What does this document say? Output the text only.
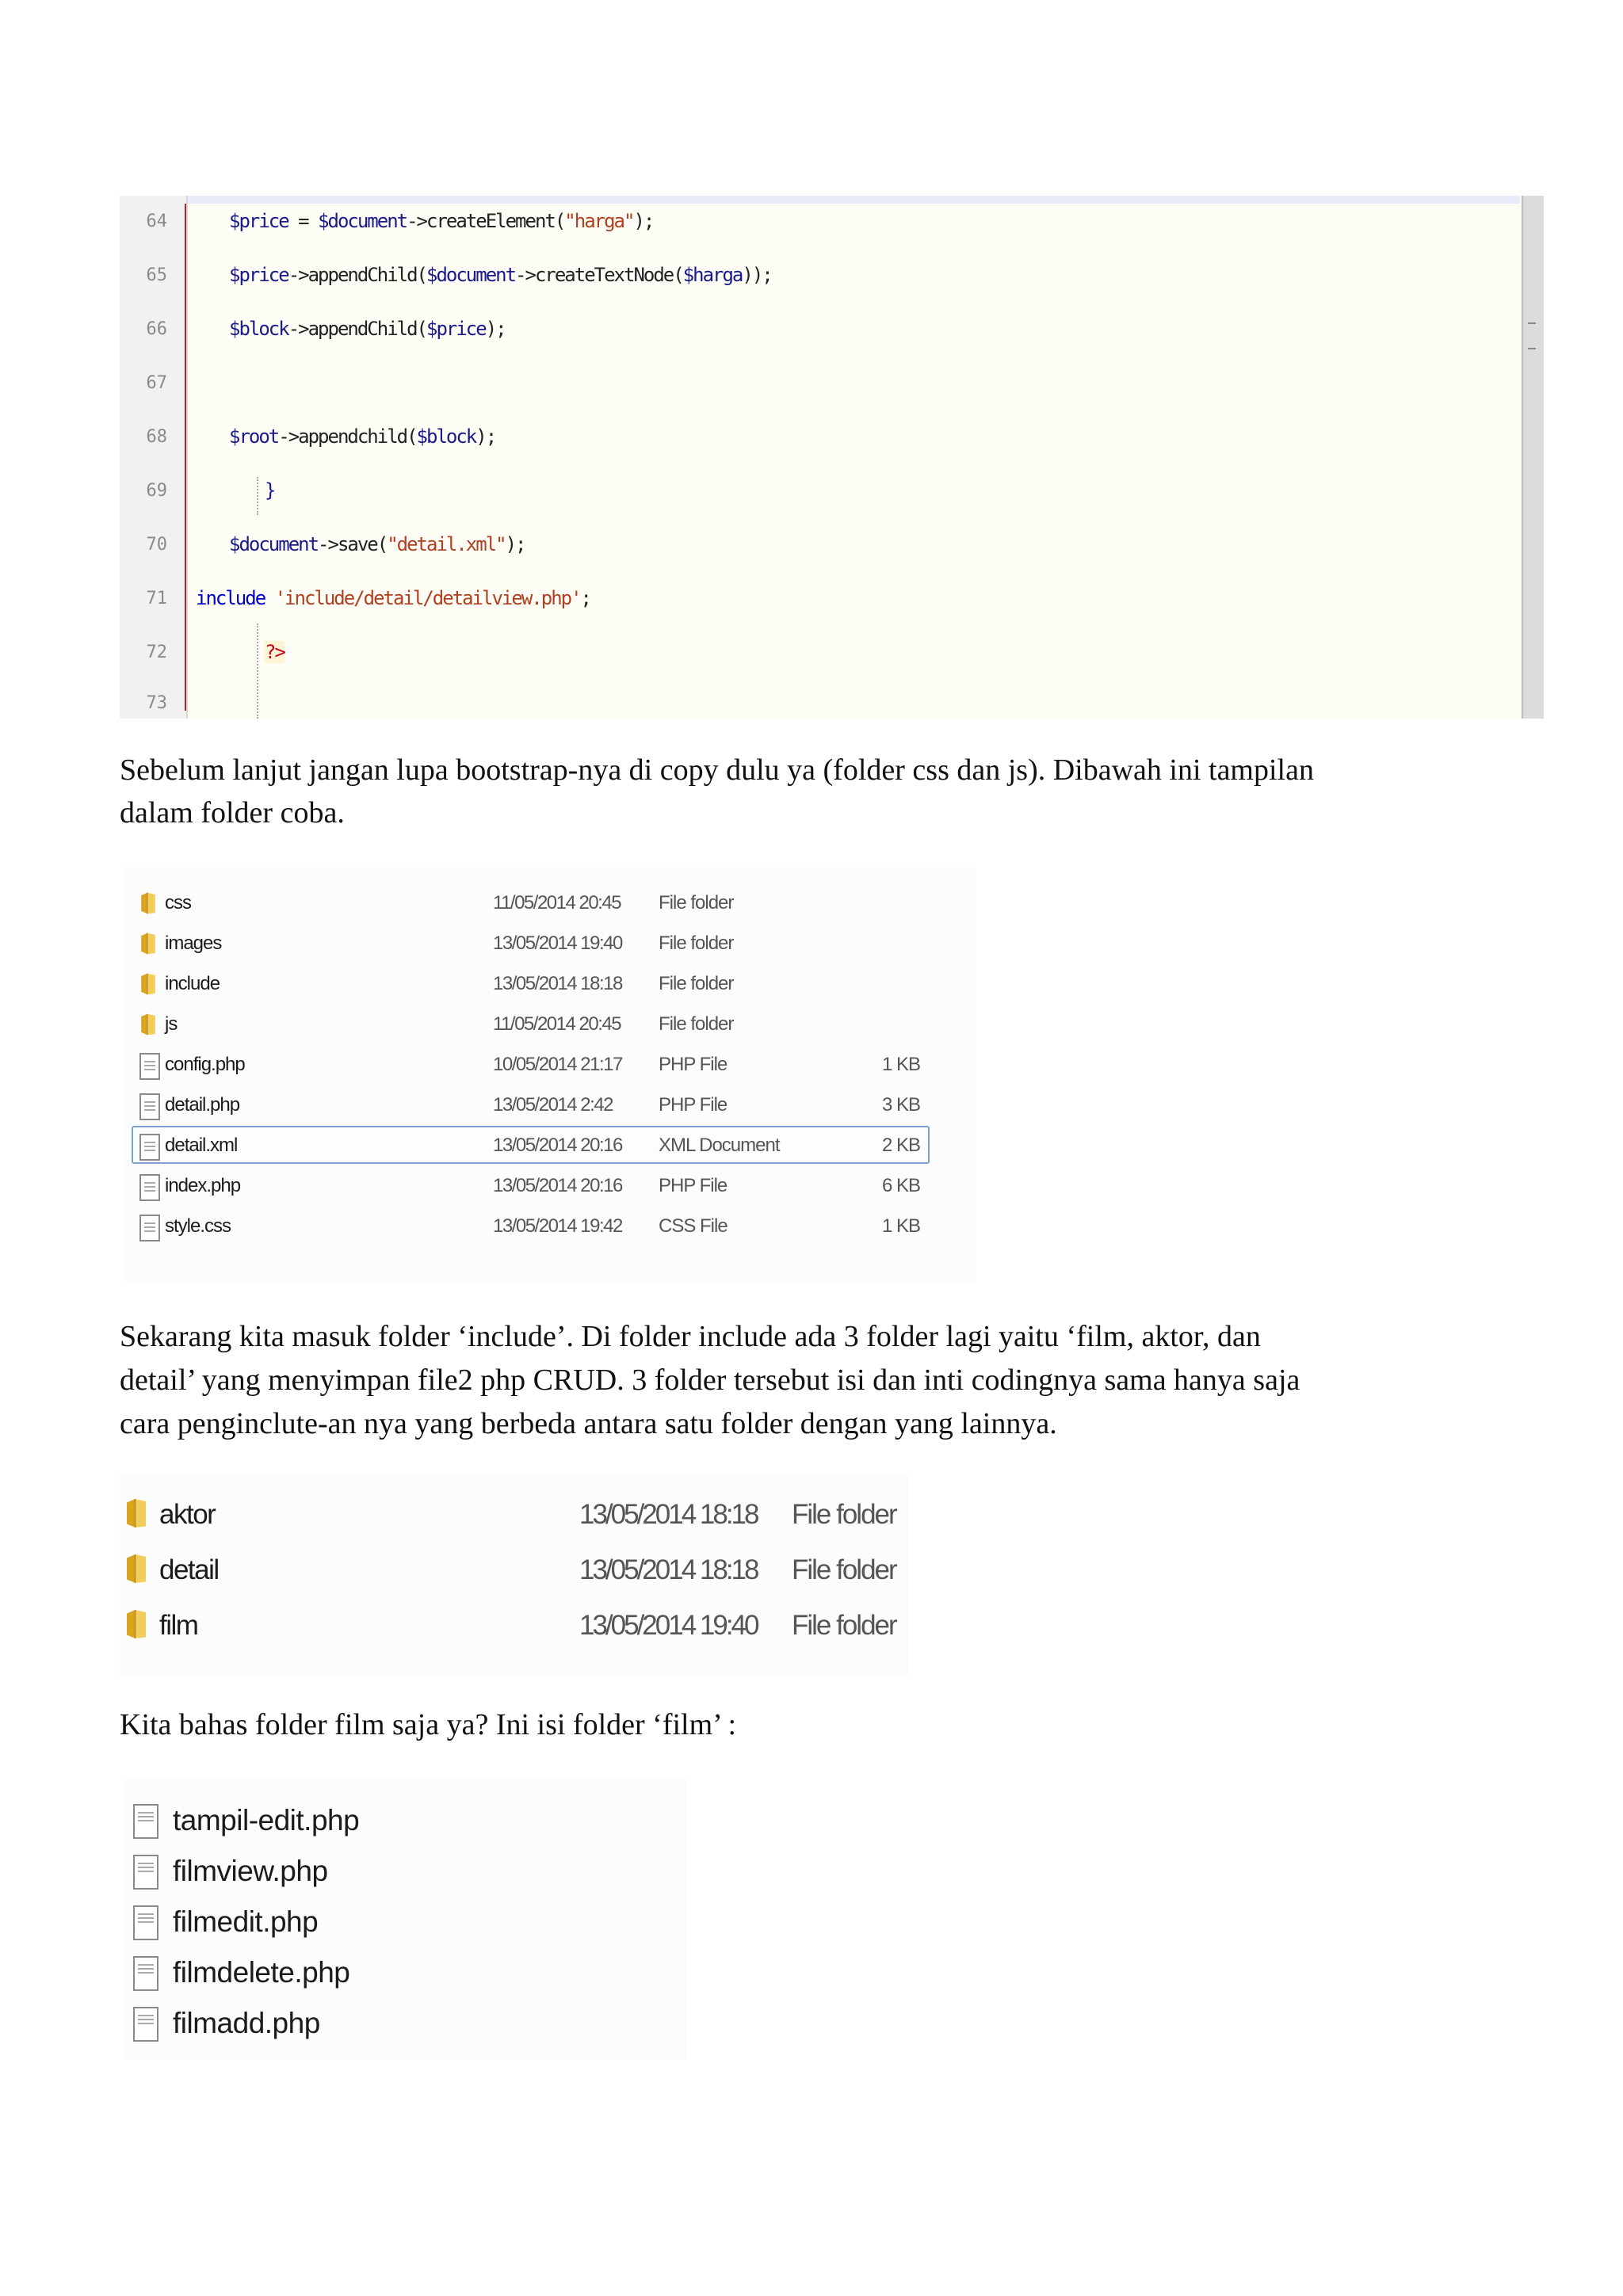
64	$price = $document->createElement("harga");
65	$price->appendChild($document->createTextNode($harga));
66	$block->appendChild($price);
67
68	$root->appendchild($block);
69	}
70	$document->save("detail.xml");
71 include 'include/detail/detailview.php';
72	?>
73
Sebelum lanjut jangan lupa bootstrap-nya di copy dulu ya (folder css dan js). Dibawah ini tampilan
dalam folder coba.
css	11/05/2014 20:45 File folder
images	13/05/2014 19:40 File folder
include	13/05/2014 18:18 File folder
js	11/05/2014 20:45 File folder
config.php	10/05/2014 21:17 PHP File	1 KB
detail.php	13/05/2014 2:42 PHP File	3 KB
detail.xml	13/05/2014 20:16 XML Document	2 KB
index.php	13/05/2014 20:16 PHP File	6 KB
style.css	13/05/2014 19:42 CSS File	1 KB
Sekarang kita masuk folder ‘include’. Di folder include ada 3 folder lagi yaitu ‘film, aktor, dan
detail’ yang menyimpan file2 php CRUD. 3 folder tersebut isi dan inti codingnya sama hanya saja
cara penginclute-an nya yang berbeda antara satu folder dengan yang lainnya.
aktor	13/05/2014 18:18 File folder
detail	13/05/2014 18:18 File folder
film	13/05/2014 19:40 File folder
Kita bahas folder film saja ya? Ini isi folder ‘film’ :
tampil-edit.php
filmview.php
filmedit.php
filmdelete.php
filmadd.php
